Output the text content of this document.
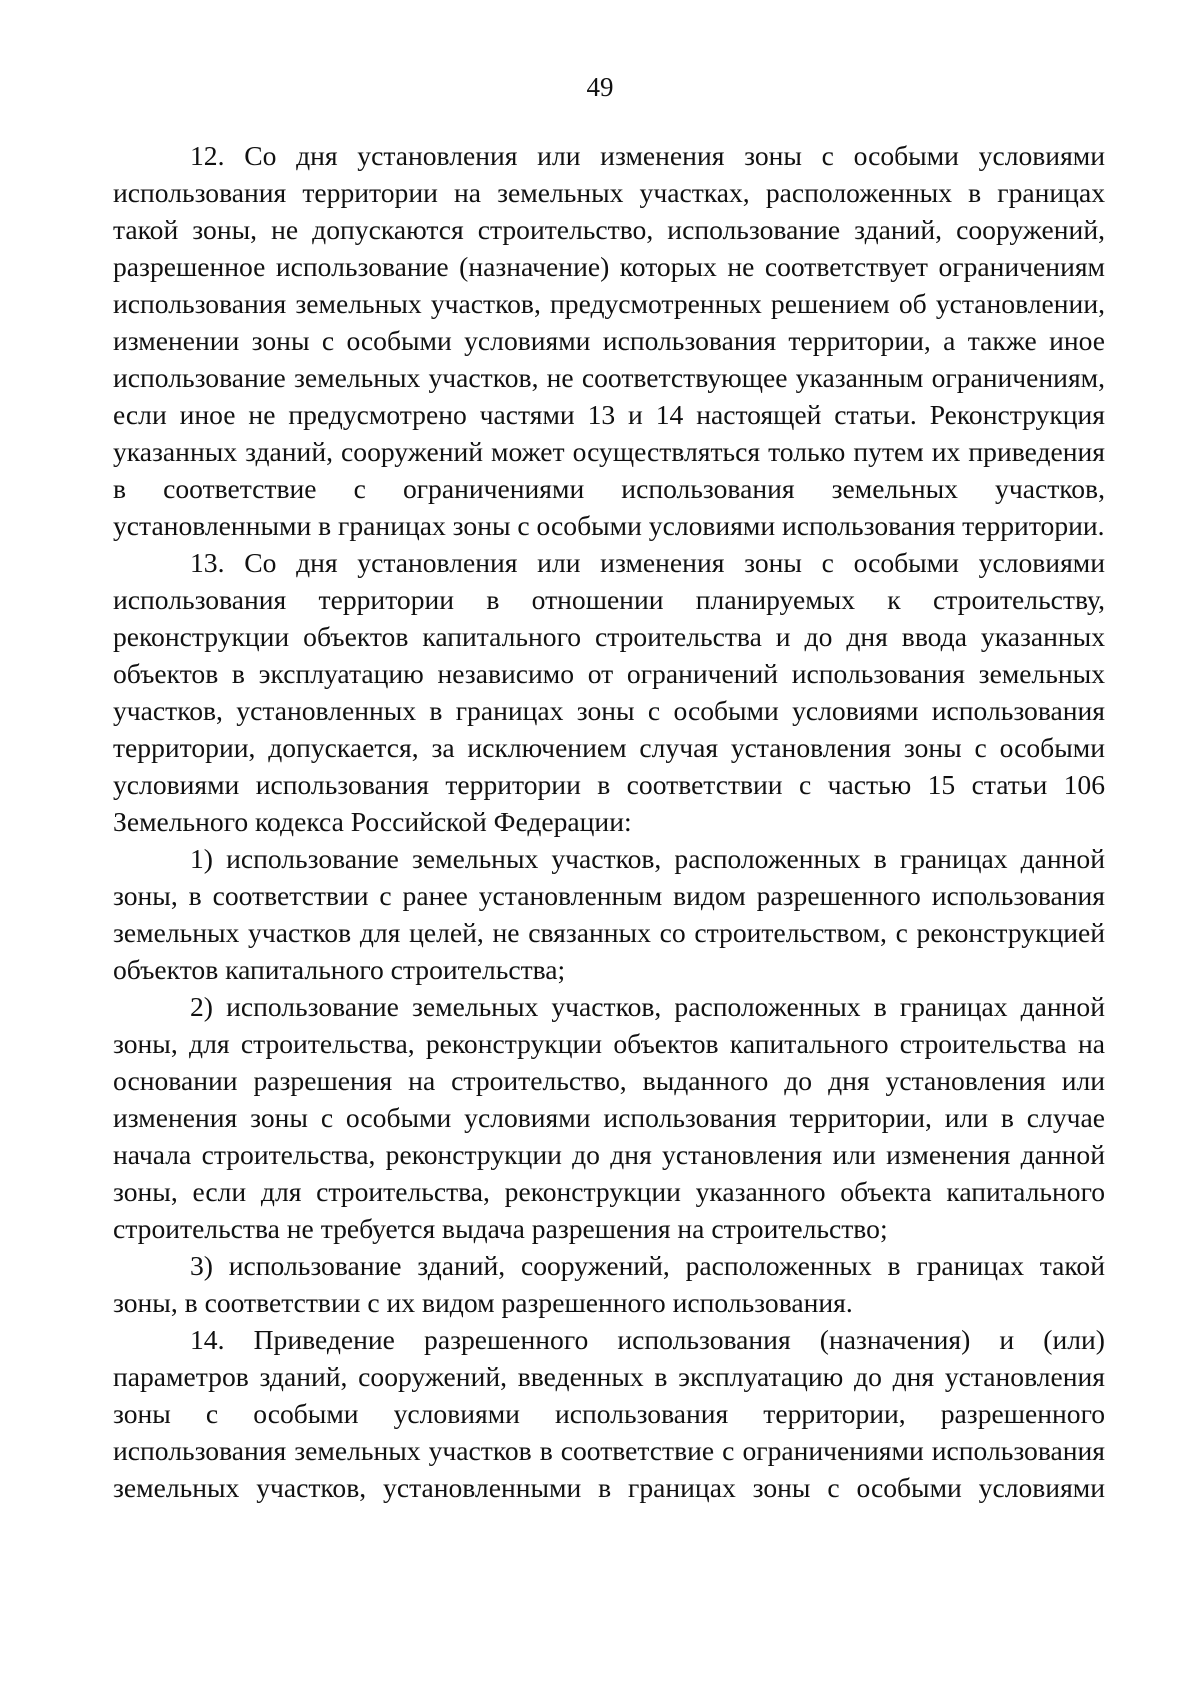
49

12. Со дня установления или изменения зоны с особыми условиями использования территории на земельных участках, расположенных в границах такой зоны, не допускаются строительство, использование зданий, сооружений, разрешенное использование (назначение) которых не соответствует ограничениям использования земельных участков, предусмотренных решением об установлении, изменении зоны с особыми условиями использования территории, а также иное использование земельных участков, не соответствующее указанным ограничениям, если иное не предусмотрено частями 13 и 14 настоящей статьи. Реконструкция указанных зданий, сооружений может осуществляться только путем их приведения в соответствие с ограничениями использования земельных участков, установленными в границах зоны с особыми условиями использования территории.

13. Со дня установления или изменения зоны с особыми условиями использования территории в отношении планируемых к строительству, реконструкции объектов капитального строительства и до дня ввода указанных объектов в эксплуатацию независимо от ограничений использования земельных участков, установленных в границах зоны с особыми условиями использования территории, допускается, за исключением случая установления зоны с особыми условиями использования территории в соответствии с частью 15 статьи 106 Земельного кодекса Российской Федерации:

1) использование земельных участков, расположенных в границах данной зоны, в соответствии с ранее установленным видом разрешенного использования земельных участков для целей, не связанных со строительством, с реконструкцией объектов капитального строительства;

2) использование земельных участков, расположенных в границах данной зоны, для строительства, реконструкции объектов капитального строительства на основании разрешения на строительство, выданного до дня установления или изменения зоны с особыми условиями использования территории, или в случае начала строительства, реконструкции до дня установления или изменения данной зоны, если для строительства, реконструкции указанного объекта капитального строительства не требуется выдача разрешения на строительство;

3) использование зданий, сооружений, расположенных в границах такой зоны, в соответствии с их видом разрешенного использования.

14. Приведение разрешенного использования (назначения) и (или) параметров зданий, сооружений, введенных в эксплуатацию до дня установления зоны с особыми условиями использования территории, разрешенного использования земельных участков в соответствие с ограничениями использования земельных участков, установленными в границах зоны с особыми условиями
